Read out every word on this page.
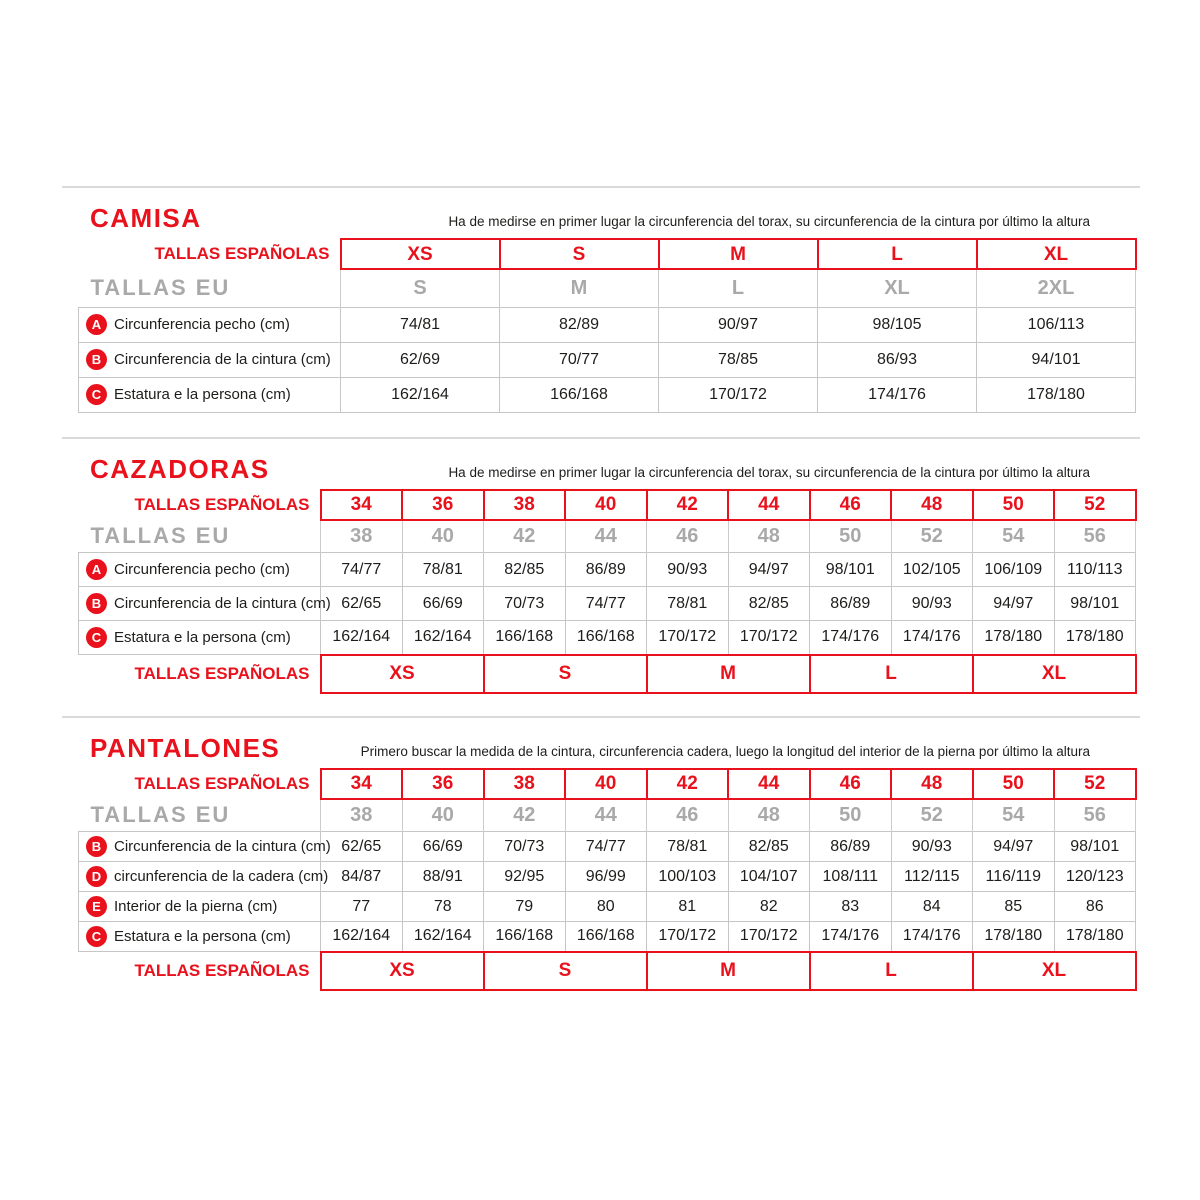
CAMISA	Ha de medirse en primer lugar la circunferencia del torax, su circunferencia de la cintura por último la altura
TALLAS ESPAÑOLAS	XS	S	M	L	XL
TALLAS EU	S	M	L	XL	2XL
A Circunferencia pecho (cm)	74/81	82/89	90/97	98/105	106/113
B Circunferencia de la cintura (cm)	62/69	70/77	78/85	86/93	94/101
C Estatura e la persona (cm)	162/164	166/168	170/172	174/176	178/180
CAZADORAS	Ha de medirse en primer lugar la circunferencia del torax, su circunferencia de la cintura por último la altura
TALLAS ESPAÑOLAS	34	36	38	40	42	44	46	48	50	52
TALLAS EU	38	40	42	44	46	48	50	52	54	56
A Circunferencia pecho (cm)	74/77	78/81	82/85	86/89	90/93	94/97	98/101	102/105	106/109	110/113
B Circunferencia de la cintura (cm)	62/65	66/69	70/73	74/77	78/81	82/85	86/89	90/93	94/97	98/101
C Estatura e la persona (cm)	162/164	162/164	166/168	166/168	170/172	170/172	174/176	174/176	178/180	178/180
TALLAS ESPAÑOLAS	XS		S		M		L		XL	
PANTALONES	Primero buscar la medida de la cintura, circunferencia cadera, luego la longitud del interior de la pierna por último la altura
TALLAS ESPAÑOLAS	34	36	38	40	42	44	46	48	50	52
TALLAS EU	38	40	42	44	46	48	50	52	54	56
B Circunferencia de la cintura (cm)	62/65	66/69	70/73	74/77	78/81	82/85	86/89	90/93	94/97	98/101
D circunferencia de la cadera (cm)	84/87	88/91	92/95	96/99	100/103	104/107	108/111	112/115	116/119	120/123
E Interior de la pierna (cm)	77	78	79	80	81	82	83	84	85	86
C Estatura e la persona (cm)	162/164	162/164	166/168	166/168	170/172	170/172	174/176	174/176	178/180	178/180
TALLAS ESPAÑOLAS	XS		S		M		L		XL	
